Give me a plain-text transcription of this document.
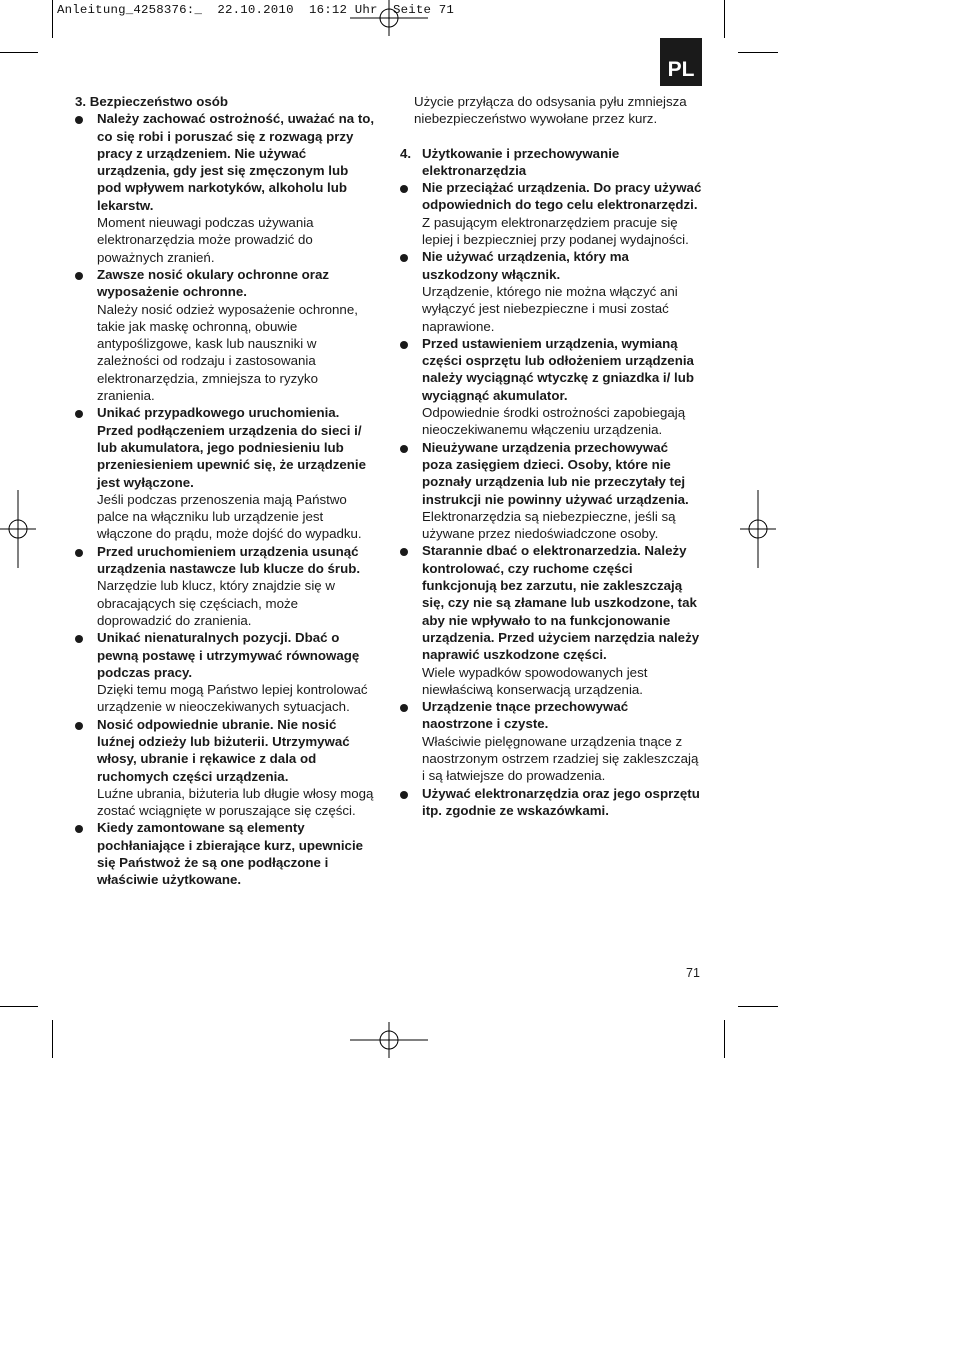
Anleitung_4258376:_  22.10.2010  16:12 Uhr  Seite 71
PL
3. Bezpieczeństwo osób
Należy zachować ostrożność, uważać na to, co się robi i poruszać się z rozwagą przy pracy z urządzeniem. Nie używać urządzenia, gdy jest się zmęczonym lub pod wpływem narkotyków, alkoholu lub lekarstw.
Moment nieuwagi podczas używania elektronarzędzia może prowadzić do poważnych zranień.
Zawsze nosić okulary ochronne oraz wyposażenie ochronne.
Należy nosić odzież wyposażenie ochronne, takie jak maskę ochronną, obuwie antypoślizgowe, kask lub nauszniki w zależności od rodzaju i zastosowania elektronarzędzia, zmniejsza to ryzyko zranienia.
Unikać przypadkowego uruchomienia. Przed podłączeniem urządzenia do sieci i/ lub akumulatora, jego podniesieniu lub przeniesieniem upewnić się, że urządzenie jest wyłączone.
Jeśli podczas przenoszenia mają Państwo palce na włączniku lub urządzenie jest włączone do prądu, może dojść do wypadku.
Przed uruchomieniem urządzenia usunąć urządzenia nastawcze lub klucze do śrub.
Narzędzie lub klucz, który znajdzie się w obracających się częściach, może doprowadzić do zranienia.
Unikać nienaturalnych pozycji. Dbać o pewną postawę i utrzymywać równowagę podczas pracy.
Dzięki temu mogą Państwo lepiej kontrolować urządzenie w nieoczekiwanych sytuacjach.
Nosić odpowiednie ubranie. Nie nosić luźnej odzieży lub biżuterii. Utrzymywać włosy, ubranie i rękawice z dala od ruchomych części urządzenia.
Luźne ubrania, biżuteria lub długie włosy mogą zostać wciągnięte w poruszające się części.
Kiedy zamontowane są elementy pochłaniające i zbierające kurz, upewnicie się Państwoż że są one podłączone i właściwie użytkowane.
Użycie przyłącza do odsysania pyłu zmniejsza niebezpieczeństwo wywołane przez kurz.
4. Użytkowanie i przechowywanie elektronarzędzia
Nie przeciążać urządzenia. Do pracy używać odpowiednich do tego celu elektronarzędzi.
Z pasującym elektronarzędziem pracuje się lepiej i bezpieczniej przy podanej wydajności.
Nie używać urządzenia, który ma uszkodzony włącznik.
Urządzenie, którego nie można włączyć ani wyłączyć jest niebezpieczne i musi zostać naprawione.
Przed ustawieniem urządzenia, wymianą części osprzętu lub odłożeniem urządzenia należy wyciągnąć wtyczkę z gniazdka i/ lub wyciągnąć akumulator.
Odpowiednie środki ostrożności zapobiegają nieoczekiwanemu włączeniu urządzenia.
Nieużywane urządzenia przechowywać poza zasięgiem dzieci. Osoby, które nie poznały urządzenia lub nie przeczytały tej instrukcji nie powinny używać urządzenia.
Elektronarzędzia są niebezpieczne, jeśli są używane przez niedoświadczone osoby.
Starannie dbać o elektronarzedzia. Należy kontrolować, czy ruchome części funkcjonują bez zarzutu, nie zakleszczają się, czy nie są złamane lub uszkodzone, tak aby nie wpływało to na funkcjonowanie urządzenia. Przed użyciem narzędzia należy naprawić uszkodzone części.
Wiele wypadków spowodowanych jest niewłaściwą konserwacją urządzenia.
Urządzenie tnące przechowywać naostrzone i czyste.
Właściwie pielęgnowane urządzenia tnące z naostrzonym ostrzem rzadziej się zakleszczają i są łatwiejsze do prowadzenia.
Używać elektronarzędzia oraz jego osprzętu itp. zgodnie ze wskazówkami.
71
